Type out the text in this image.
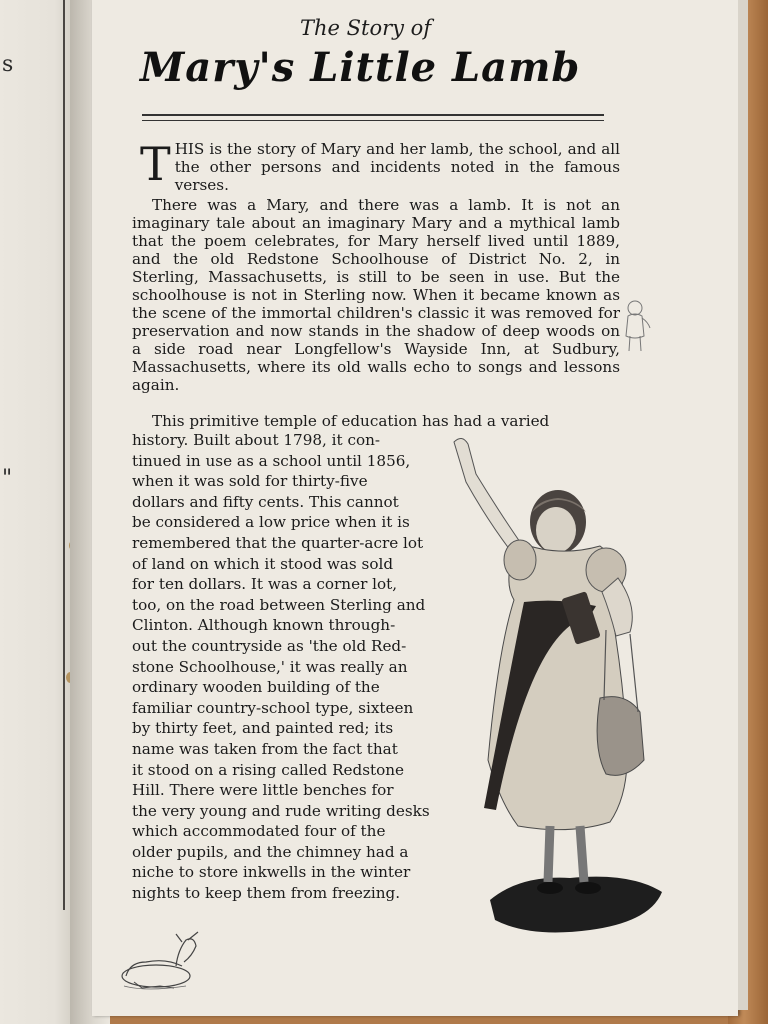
s
"
The Story of
Mary's Little Lamb

THIS is the story of Mary and her lamb, the school, and all the other persons and incidents noted in the famous verses.

There was a Mary, and there was a lamb. It is not an imaginary tale about an imaginary Mary and a mythical lamb that the poem celebrates, for Mary herself lived until 1889, and the old Redstone Schoolhouse of District No. 2, in Sterling, Massachusetts, is still to be seen in use. But the schoolhouse is not in Sterling now. When it became known as the scene of the immortal children's classic it was removed for preservation and now stands in the shadow of deep woods on a side road near Longfellow's Wayside Inn, at Sudbury, Massachusetts, where its old walls echo to songs and lessons again.

This primitive temple of education has had a varied

history. Built about 1798, it con-
tinued in use as a school until 1856,
when it was sold for thirty-five
dollars and fifty cents. This cannot
be considered a low price when it is
remembered that the quarter-acre lot
of land on which it stood was sold
for ten dollars. It was a corner lot,
too, on the road between Sterling and
Clinton. Although known through-
out the countryside as 'the old Red-
stone Schoolhouse,' it was really an
ordinary wooden building of the
familiar country-school type, sixteen
by thirty feet, and painted red; its
name was taken from the fact that
it stood on a rising called Redstone
Hill. There were little benches for
the very young and rude writing desks
which accommodated four of the
older pupils, and the chimney had a
niche to store inkwells in the winter
nights to keep them from freezing.
